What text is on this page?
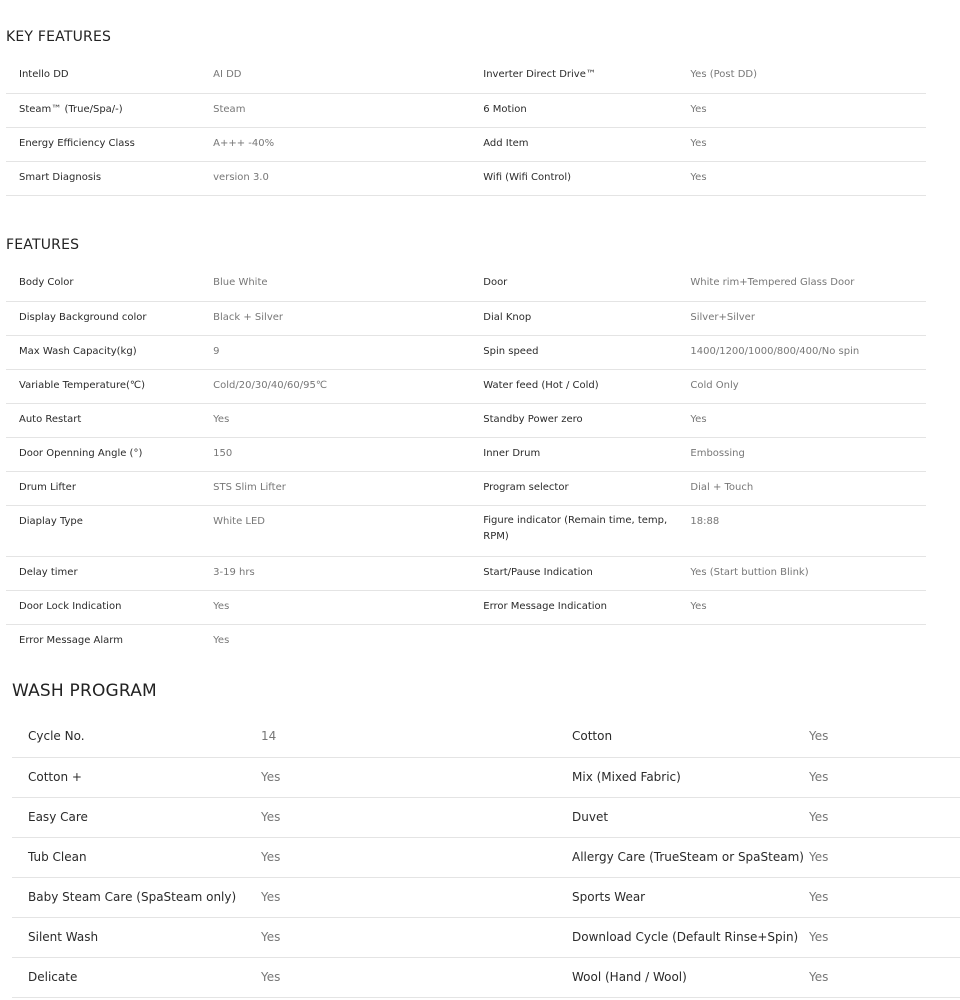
KEY FEATURES
Intello DD	AI DD	Inverter Direct Drive™	Yes (Post DD)
Steam™ (True/Spa/-)	Steam	6 Motion	Yes
Energy Efficiency Class	A+++ -40%	Add Item	Yes
Smart Diagnosis	version 3.0	Wifi (Wifi Control)	Yes
FEATURES
Body Color	Blue White	Door	White rim+Tempered Glass Door
Display Background color	Black + Silver	Dial Knop	Silver+Silver
Max Wash Capacity(kg)	9	Spin speed	1400/1200/1000/800/400/No spin
Variable Temperature(℃)	Cold/20/30/40/60/95℃	Water feed (Hot / Cold)	Cold Only
Auto Restart	Yes	Standby Power zero	Yes
Door Openning Angle (°)	150	Inner Drum	Embossing
Drum Lifter	STS Slim Lifter	Program selector	Dial + Touch
Diaplay Type	White LED	Figure indicator (Remain time, temp, RPM)	18:88
Delay timer	3-19 hrs	Start/Pause Indication	Yes (Start buttion Blink)
Door Lock Indication	Yes	Error Message Indication	Yes
Error Message Alarm	Yes		
WASH PROGRAM
Cycle No.	14	Cotton	Yes
Cotton +	Yes	Mix (Mixed Fabric)	Yes
Easy Care	Yes	Duvet	Yes
Tub Clean	Yes	Allergy Care (TrueSteam or SpaSteam)	Yes
Baby Steam Care (SpaSteam only)	Yes	Sports Wear	Yes
Silent Wash	Yes	Download Cycle (Default Rinse+Spin)	Yes
Delicate	Yes	Wool (Hand / Wool)	Yes
